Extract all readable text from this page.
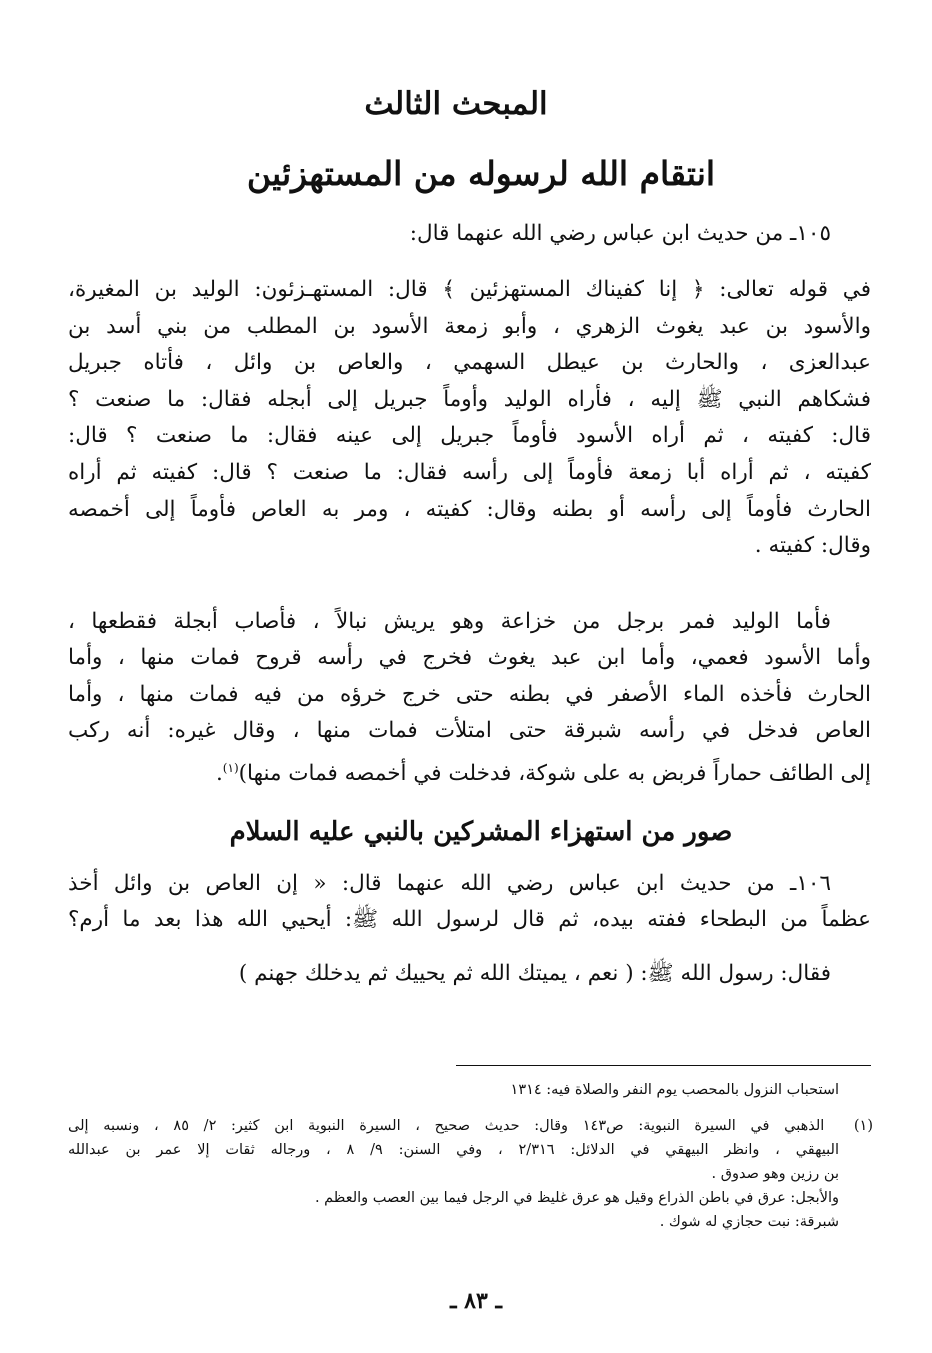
المبحث الثالث
انتقام الله لرسوله من المستهزئين
١٠٥ـ من حديث ابن عباس رضي الله عنهما قال:
في قوله تعالى: ﴿ إنا كفيناك المستهزئين ﴾ قال: المستهـزئون: الوليد بن المغيرة،
والأسود بن عبد يغوث الزهري ، وأبو زمعة الأسود بن المطلب من بني أسد بن
عبدالعزى ، والحارث بن عيطل السهمي ، والعاص بن وائل ، فأتاه جبريل
فشكاهم النبي ﷺ إليه ، فأراه الوليد وأوماً جبريل إلى أبجله فقال: ما صنعت ؟
قال: كفيته ، ثم أراه الأسود فأوماً جبريل إلى عينه فقال: ما صنعت ؟ قال:
كفيته ، ثم أراه أبا زمعة فأوماً إلى رأسه فقال: ما صنعت ؟ قال: كفيته ثم أراه
الحارث فأوماً إلى رأسه أو بطنه وقال: كفيته ، ومر به العاص فأوماً إلى أخمصه
وقال: كفيته .
فأما الوليد فمر برجل من خزاعة وهو يريش نبالاً ، فأصاب أبجلة فقطعها ،
وأما الأسود فعمي، وأما ابن عبد يغوث فخرج في رأسه قروح فمات منها ، وأما
الحارث فأخذه الماء الأصفر في بطنه حتى خرج خرؤه من فيه فمات منها ، وأما
العاص فدخل في رأسه شبرقة حتى امتلأت فمات منها ، وقال غيره: أنه ركب
إلى الطائف حماراً فربض به على شوكة، فدخلت في أخمصه فمات منها)$^{(١)}$.
صور من استهزاء المشركين بالنبي عليه السلام
١٠٦ـ من حديث ابن عباس رضي الله عنهما قال: « إن العاص بن وائل أخذ
عظماً من البطحاء ففته بيده، ثم قال لرسول الله ﷺ: أيحيي الله هذا بعد ما أرم؟
فقال: رسول الله ﷺ: ( نعم ، يميتك الله ثم يحييك ثم يدخلك جهنم )
استحباب النزول بالمحصب يوم النفر والصلاة فيه: ١٣١٤
(١) الذهبي في السيرة النبوية: ص١٤٣ وقال: حديث صحيح ، السيرة النبوية ابن كثير: ٢/ ٨٥ ، ونسبه إلى
البيهقي ، وانظر البيهقي في الدلائل: ٢/٣١٦ ، وفي السنن: ٩/ ٨ ، ورجاله ثقات إلا عمر بن عبدالله
بن رزين وهو صدوق .
والأبجل: عرق في باطن الذراع وقيل هو عرق غليظ في الرجل فيما بين العصب والعظم .
شبرقة: نبت حجازي له شوك .
ـ ٨٣ ـ
